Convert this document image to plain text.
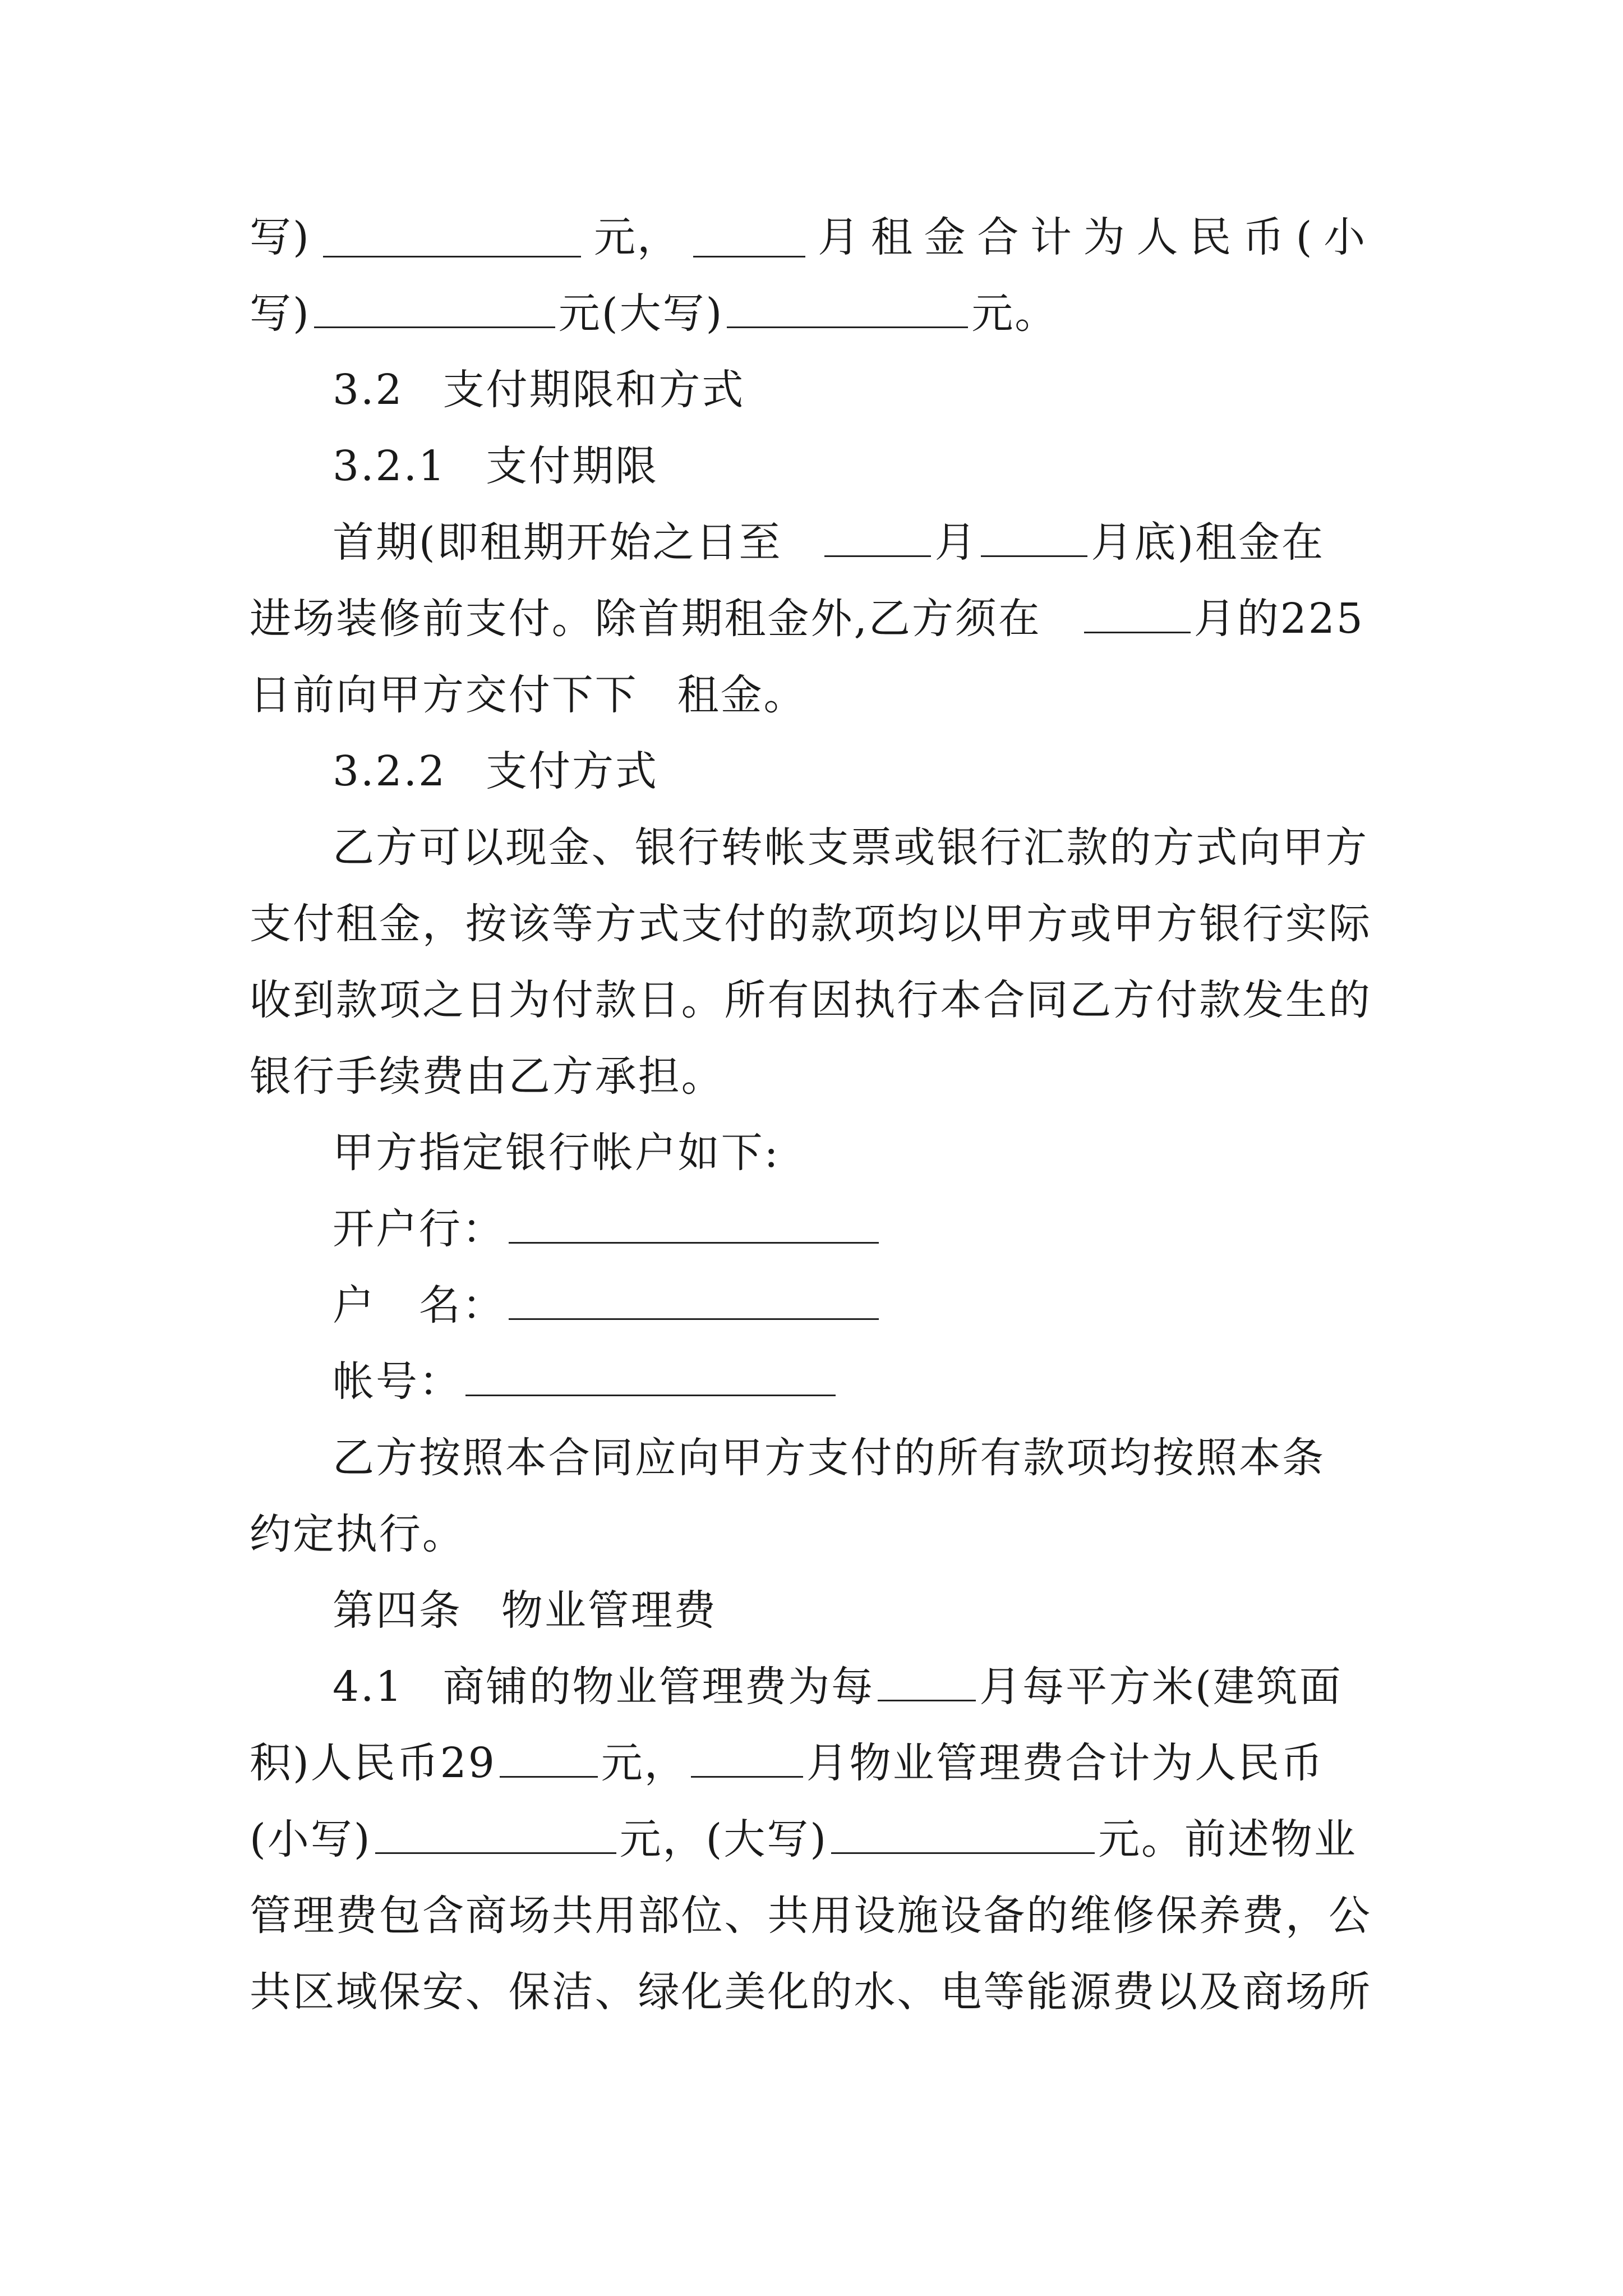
写)	元，	月租金合计为人民币(小
写)	元(大写)	元。
3.2 支付期限和方式
3.2.1 支付期限
首期(即租期开始之日至	月	月底)租金在
进场装修前支付。除首期租金外,乙方须在	月的225
日前向甲方交付下下 租金。
3.2.2 支付方式
乙方可以现金、银行转帐支票或银行汇款的方式向甲方
支付租金，按该等方式支付的款项均以甲方或甲方银行实际
收到款项之日为付款日。所有因执行本合同乙方付款发生的
银行手续费由乙方承担。
甲方指定银行帐户如下:
开户行：
户　名：
帐号：
乙方按照本合同应向甲方支付的所有款项均按照本条
约定执行。
第四条 物业管理费
4.1 商铺的物业管理费为每	月每平方米(建筑面
积)人民币29	元，	月物业管理费合计为人民币
(小写)	元，(大写)	元。前述物业
管理费包含商场共用部位、共用设施设备的维修保养费，公
共区域保安、保洁、绿化美化的水、电等能源费以及商场所
